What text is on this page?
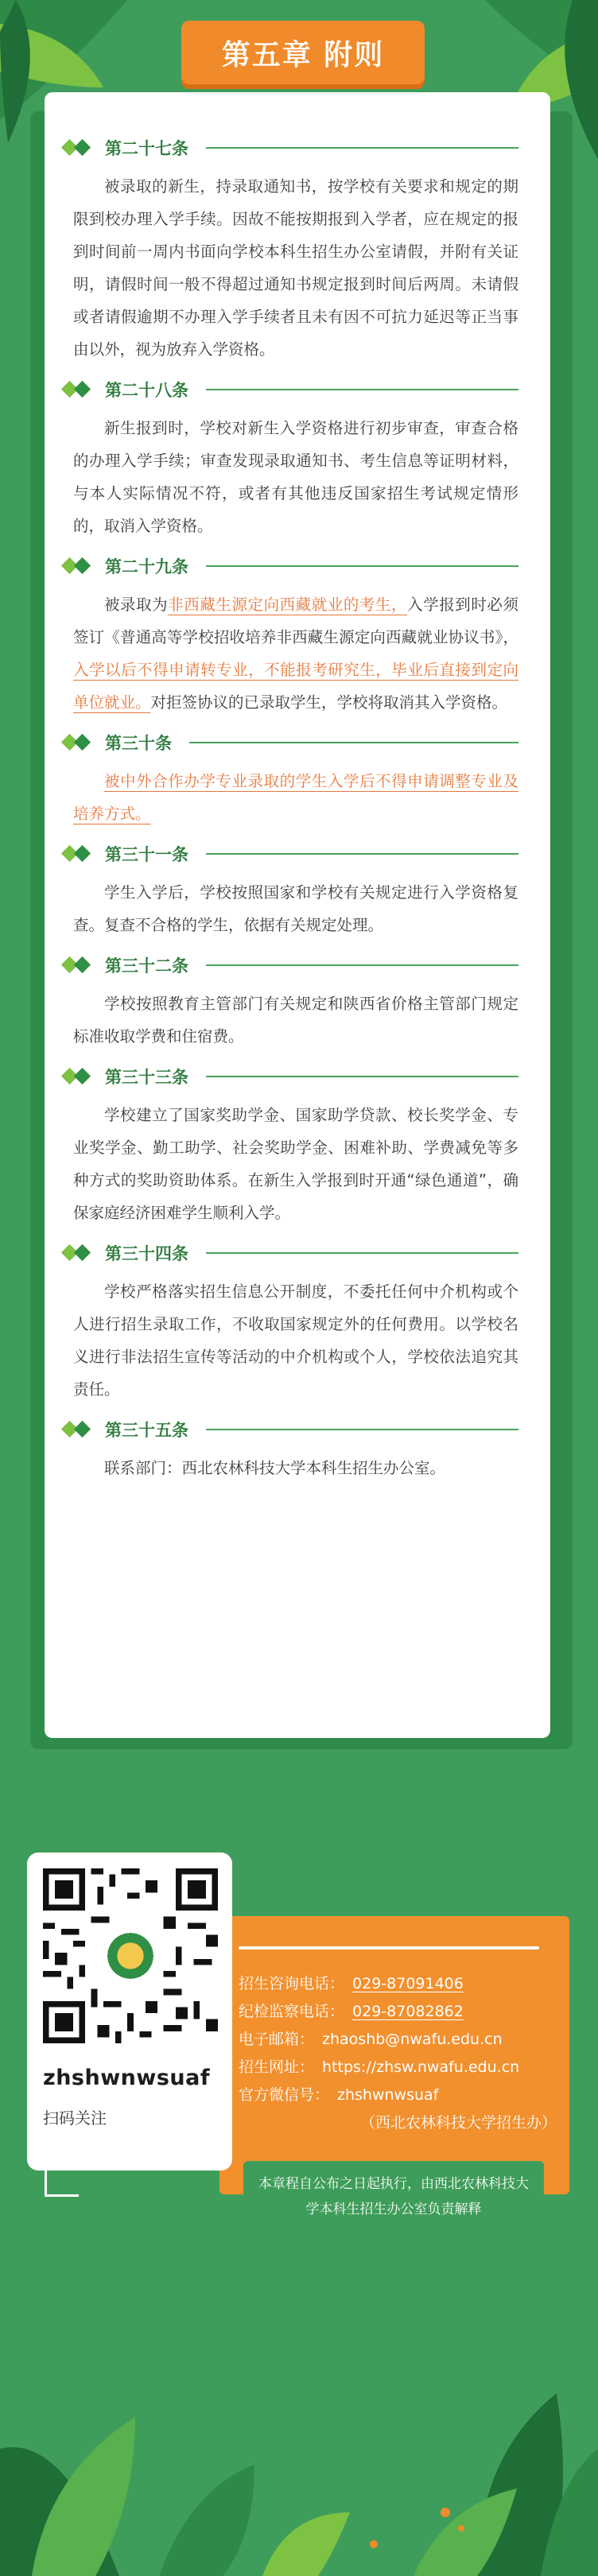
第五章 附则
第二十七条

被录取的新生，持录取通知书，按学校有关要求和规定的期限到校办理入学手续。因故不能按期报到入学者，应在规定的报到时间前一周内书面向学校本科生招生办公室请假，并附有关证明，请假时间一般不得超过通知书规定报到时间后两周。未请假或者请假逾期不办理入学手续者且未有因不可抗力延迟等正当事由以外，视为放弃入学资格。

第二十八条

新生报到时，学校对新生入学资格进行初步审查，审查合格的办理入学手续；审查发现录取通知书、考生信息等证明材料，与本人实际情况不符，或者有其他违反国家招生考试规定情形的，取消入学资格。

第二十九条

被录取为非西藏生源定向西藏就业的考生，入学报到时必须签订《普通高等学校招收培养非西藏生源定向西藏就业协议书》，入学以后不得申请转专业，不能报考研究生，毕业后直接到定向单位就业。对拒签协议的已录取学生，学校将取消其入学资格。

第三十条

被中外合作办学专业录取的学生入学后不得申请调整专业及培养方式。

第三十一条

学生入学后，学校按照国家和学校有关规定进行入学资格复查。复查不合格的学生，依据有关规定处理。

第三十二条

学校按照教育主管部门有关规定和陕西省价格主管部门规定标准收取学费和住宿费。

第三十三条

学校建立了国家奖助学金、国家助学贷款、校长奖学金、专业奖学金、勤工助学、社会奖助学金、困难补助、学费减免等多种方式的奖助资助体系。在新生入学报到时开通“绿色通道”，确保家庭经济困难学生顺利入学。

第三十四条

学校严格落实招生信息公开制度，不委托任何中介机构或个人进行招生录取工作，不收取国家规定外的任何费用。以学校名义进行非法招生宣传等活动的中介机构或个人，学校依法追究其责任。

第三十五条

联系部门：西北农林科技大学本科生招生办公室。

zhshwnwsuaf
扫码关注
招生咨询电话： 029-87091406
纪检监察电话： 029-87082862
电子邮箱： zhaoshb@nwafu.edu.cn
招生网址： https://zhsw.nwafu.edu.cn
官方微信号： zhshwnwsuaf
（西北农林科技大学招生办）
本章程自公布之日起执行，由西北农林科技大学本科生招生办公室负责解释
